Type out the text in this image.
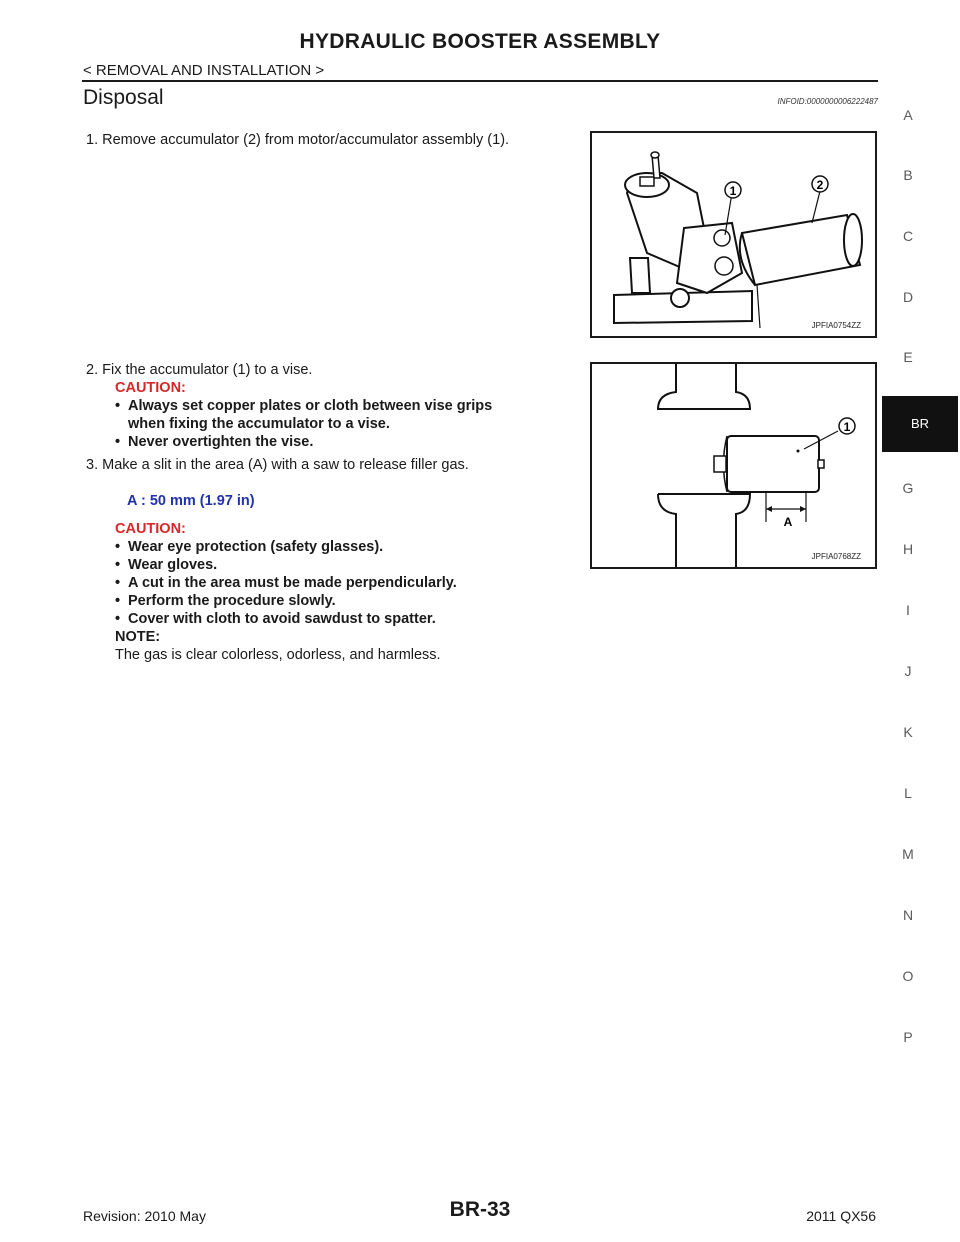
HYDRAULIC BOOSTER ASSEMBLY
< REMOVAL AND INSTALLATION >
Disposal	INFOID:0000000006222487
1. Remove accumulator (2) from motor/accumulator assembly (1).
1	2
JPFIA0754ZZ
2. Fix the accumulator (1) to a vise.
CAUTION:
• Always set copper plates or cloth between vise grips
when fixing the accumulator to a vise.
• Never overtighten the vise.
A
1
JPFIA0768ZZ
3. Make a slit in the area (A) with a saw to release filler gas.
A : 50 mm (1.97 in)
CAUTION:
• Wear eye protection (safety glasses).
• Wear gloves.
• A cut in the area must be made perpendicularly.
• Perform the procedure slowly.
• Cover with cloth to avoid sawdust to spatter.
NOTE:
The gas is clear colorless, odorless, and harmless.
A
B
C
D
E
BR
G
H
I
J
K
L
M
N
O
P
Revision: 2010 May	BR-33	2011 QX56
